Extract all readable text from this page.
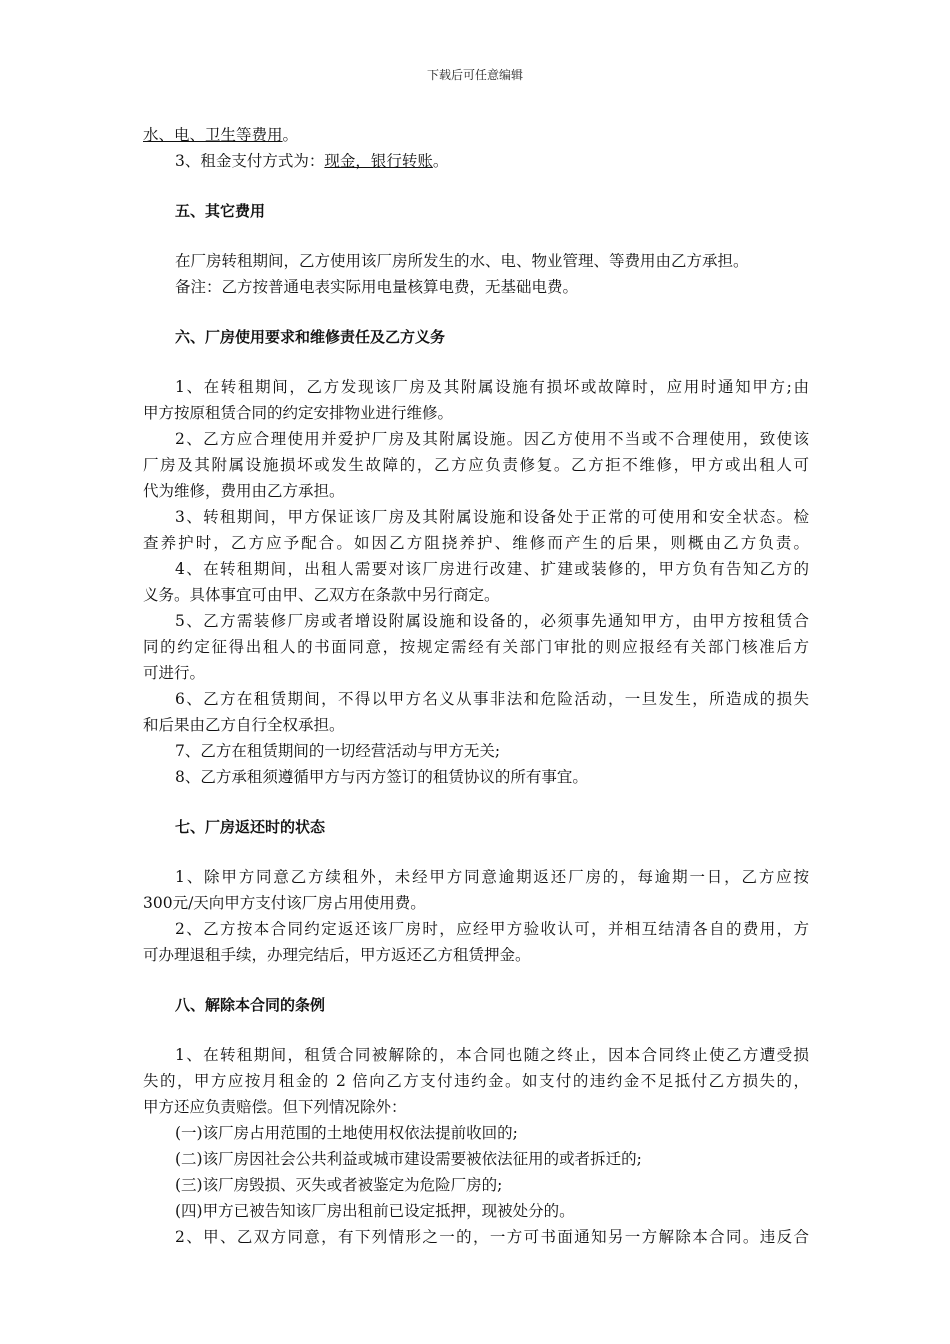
下载后可任意编辑
水、电、卫生等费用。
3、租金支付方式为：现金，银行转账。
五、其它费用
在厂房转租期间，乙方使用该厂房所发生的水、电、物业管理、等费用由乙方承担。
备注：乙方按普通电表实际用电量核算电费，无基础电费。
六、厂房使用要求和维修责任及乙方义务
1、在转租期间，乙方发现该厂房及其附属设施有损坏或故障时，应用时通知甲方;由
甲方按原租赁合同的约定安排物业进行维修。
2、乙方应合理使用并爱护厂房及其附属设施。因乙方使用不当或不合理使用，致使该
厂房及其附属设施损坏或发生故障的，乙方应负责修复。乙方拒不维修，甲方或出租人可
代为维修，费用由乙方承担。
3、转租期间，甲方保证该厂房及其附属设施和设备处于正常的可使用和安全状态。检
查养护时，乙方应予配合。如因乙方阻挠养护、维修而产生的后果，则概由乙方负责。
4、在转租期间，出租人需要对该厂房进行改建、扩建或装修的，甲方负有告知乙方的
义务。具体事宜可由甲、乙双方在条款中另行商定。
5、乙方需装修厂房或者增设附属设施和设备的，必须事先通知甲方，由甲方按租赁合
同的约定征得出租人的书面同意，按规定需经有关部门审批的则应报经有关部门核准后方
可进行。
6、乙方在租赁期间，不得以甲方名义从事非法和危险活动，一旦发生，所造成的损失
和后果由乙方自行全权承担。
7、乙方在租赁期间的一切经营活动与甲方无关;
8、乙方承租须遵循甲方与丙方签订的租赁协议的所有事宜。
七、厂房返还时的状态
1、除甲方同意乙方续租外，未经甲方同意逾期返还厂房的，每逾期一日，乙方应按
300元/天向甲方支付该厂房占用使用费。
2、乙方按本合同约定返还该厂房时，应经甲方验收认可，并相互结清各自的费用，方
可办理退租手续，办理完结后，甲方返还乙方租赁押金。
八、解除本合同的条例
1、在转租期间，租赁合同被解除的，本合同也随之终止，因本合同终止使乙方遭受损
失的，甲方应按月租金的 2 倍向乙方支付违约金。如支付的违约金不足抵付乙方损失的，
甲方还应负责赔偿。但下列情况除外：
(一)该厂房占用范围的土地使用权依法提前收回的;
(二)该厂房因社会公共利益或城市建设需要被依法征用的或者拆迁的;
(三)该厂房毁损、灭失或者被鉴定为危险厂房的;
(四)甲方已被告知该厂房出租前已设定抵押，现被处分的。
2、甲、乙双方同意，有下列情形之一的，一方可书面通知另一方解除本合同。违反合
